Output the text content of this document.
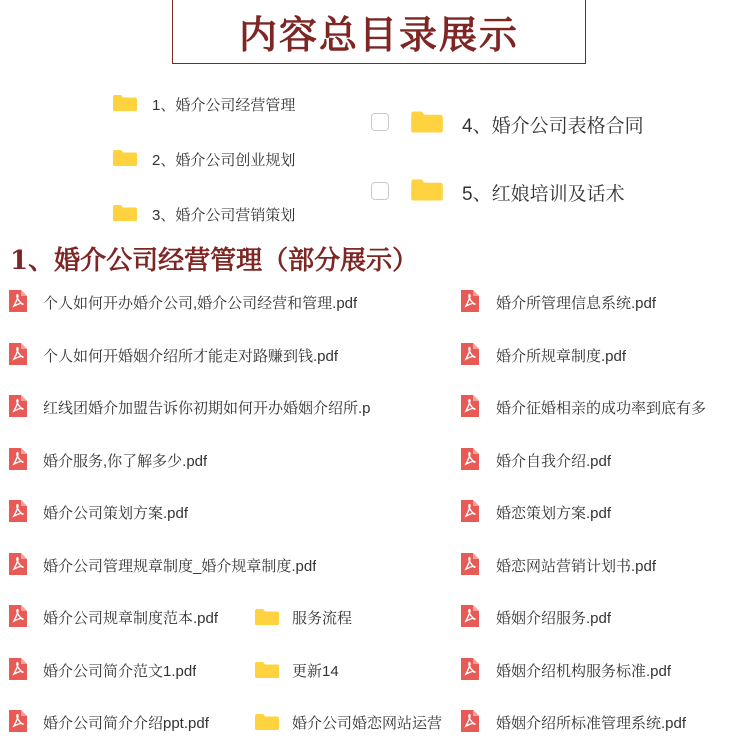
内容总目录展示
1、婚介公司经营管理
2、婚介公司创业规划
3、婚介公司营销策划
4、婚介公司表格合同
5、红娘培训及话术
1、婚介公司经营管理（部分展示）
个人如何开办婚介公司,婚介公司经营和管理.pdf
个人如何开婚姻介绍所才能走对路赚到钱.pdf
红线团婚介加盟告诉你初期如何开办婚姻介绍所.p
婚介服务,你了解多少.pdf
婚介公司策划方案.pdf
婚介公司管理规章制度_婚介规章制度.pdf
婚介公司规章制度范本.pdf
婚介公司简介范文1.pdf
婚介公司简介介绍ppt.pdf
服务流程
更新14
婚介公司婚恋网站运营
婚介所管理信息系统.pdf
婚介所规章制度.pdf
婚介征婚相亲的成功率到底有多
婚介自我介绍.pdf
婚恋策划方案.pdf
婚恋网站营销计划书.pdf
婚姻介绍服务.pdf
婚姻介绍机构服务标准.pdf
婚姻介绍所标准管理系统.pdf
